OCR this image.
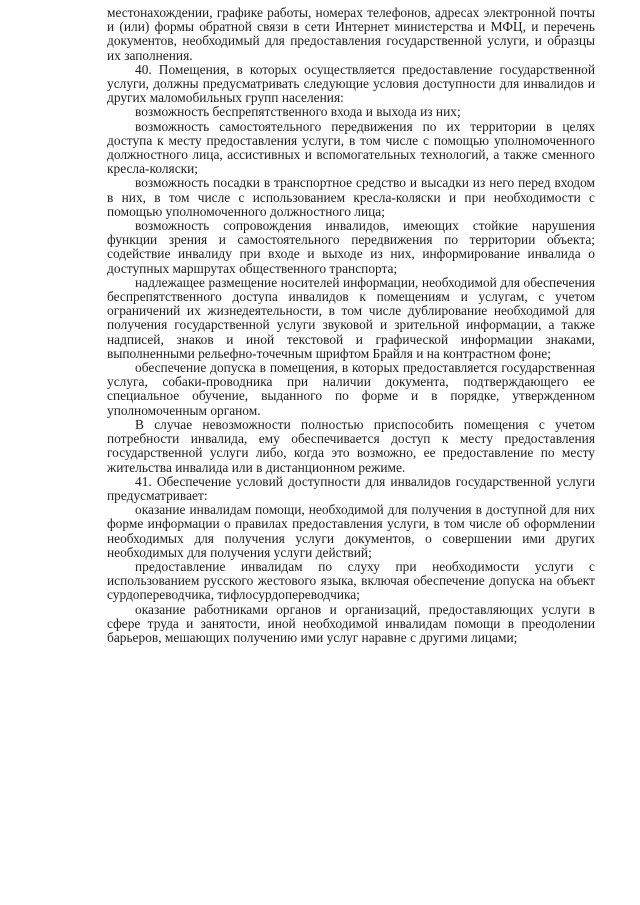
местонахождении, графике работы, номерах телефонов, адресах электронной почты и (или) формы обратной связи в сети Интернет министерства и МФЦ, и перечень документов, необходимый для предоставления государственной услуги, и образцы их заполнения.

40. Помещения, в которых осуществляется предоставление государственной услуги, должны предусматривать следующие условия доступности для инвалидов и других маломобильных групп населения:

возможность беспрепятственного входа и выхода из них;

возможность самостоятельного передвижения по их территории в целях доступа к месту предоставления услуги, в том числе с помощью уполномоченного должностного лица, ассистивных и вспомогательных технологий, а также сменного кресла-коляски;

возможность посадки в транспортное средство и высадки из него перед входом в них, в том числе с использованием кресла-коляски и при необходимости с помощью уполномоченного должностного лица;

возможность сопровождения инвалидов, имеющих стойкие нарушения функции зрения и самостоятельного передвижения по территории объекта; содействие инвалиду при входе и выходе из них, информирование инвалида о доступных маршрутах общественного транспорта;

надлежащее размещение носителей информации, необходимой для обеспечения беспрепятственного доступа инвалидов к помещениям и услугам, с учетом ограничений их жизнедеятельности, в том числе дублирование необходимой для получения государственной услуги звуковой и зрительной информации, а также надписей, знаков и иной текстовой и графической информации знаками, выполненными рельефно-точечным шрифтом Брайля и на контрастном фоне;

обеспечение допуска в помещения, в которых предоставляется государственная услуга, собаки-проводника при наличии документа, подтверждающего ее специальное обучение, выданного по форме и в порядке, утвержденном уполномоченным органом.

В случае невозможности полностью приспособить помещения с учетом потребности инвалида, ему обеспечивается доступ к месту предоставления государственной услуги либо, когда это возможно, ее предоставление по месту жительства инвалида или в дистанционном режиме.

41. Обеспечение условий доступности для инвалидов государственной услуги предусматривает:

оказание инвалидам помощи, необходимой для получения в доступной для них форме информации о правилах предоставления услуги, в том числе об оформлении необходимых для получения услуги документов, о совершении ими других необходимых для получения услуги действий;

предоставление инвалидам по слуху при необходимости услуги с использованием русского жестового языка, включая обеспечение допуска на объект сурдопереводчика, тифлосурдопереводчика;

оказание работниками органов и организаций, предоставляющих услуги в сфере труда и занятости, иной необходимой инвалидам помощи в преодолении барьеров, мешающих получению ими услуг наравне с другими лицами;
